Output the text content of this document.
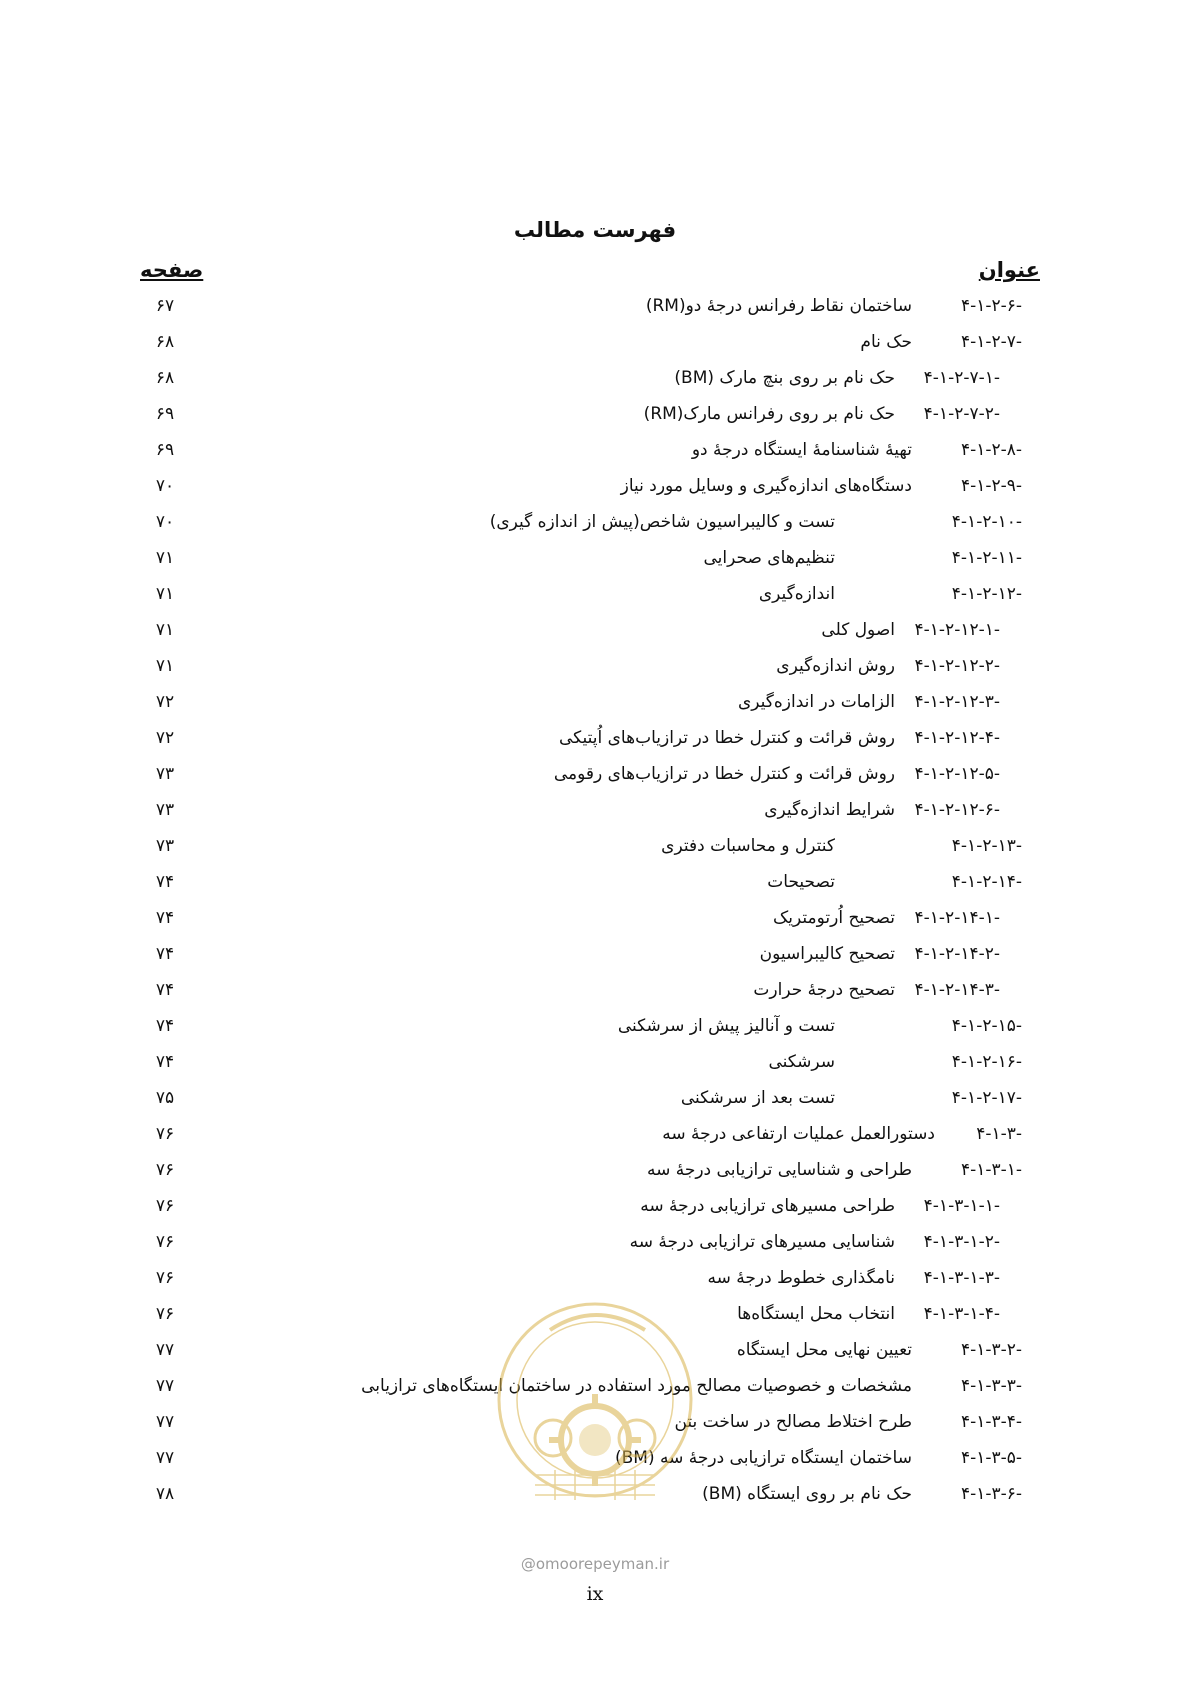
فهرست مطالب
عنوان
صفحه
۴-۱-۲-۶-
ساختمان نقاط رفرانس درجۀ دو(RM)
۶۷
۴-۱-۲-۷-
حک نام
۶۸
۴-۱-۲-۷-۱-
حک نام بر روی بنچ مارک (BM)
۶۸
۴-۱-۲-۷-۲-
حک نام بر روی رفرانس مارک(RM)
۶۹
۴-۱-۲-۸-
تهیۀ شناسنامۀ ایستگاه درجۀ دو
۶۹
۴-۱-۲-۹-
دستگاه‌های اندازه‌گیری و وسایل مورد نیاز
۷۰
۴-۱-۲-۱۰-
تست و کالیبراسیون شاخص(پیش از اندازه گیری)
۷۰
۴-۱-۲-۱۱-
تنظیم‌های صحرایی
۷۱
۴-۱-۲-۱۲-
اندازه‌گیری
۷۱
۴-۱-۲-۱۲-۱-
اصول کلی
۷۱
۴-۱-۲-۱۲-۲-
روش اندازه‌گیری
۷۱
۴-۱-۲-۱۲-۳-
الزامات در اندازه‌گیری
۷۲
۴-۱-۲-۱۲-۴-
روش قرائت و کنترل خطا در ترازیاب‌های اُپتیکی
۷۲
۴-۱-۲-۱۲-۵-
روش قرائت و کنترل خطا در ترازیاب‌های رقومی
۷۳
۴-۱-۲-۱۲-۶-
شرایط اندازه‌گیری
۷۳
۴-۱-۲-۱۳-
کنترل و محاسبات دفتری
۷۳
۴-۱-۲-۱۴-
تصحیحات
۷۴
۴-۱-۲-۱۴-۱-
تصحیح اُرتومتریک
۷۴
۴-۱-۲-۱۴-۲-
تصحیح کالیبراسیون
۷۴
۴-۱-۲-۱۴-۳-
تصحیح درجۀ حرارت
۷۴
۴-۱-۲-۱۵-
تست و آنالیز پیش از سرشکنی
۷۴
۴-۱-۲-۱۶-
سرشکنی
۷۴
۴-۱-۲-۱۷-
تست بعد از سرشکنی
۷۵
۴-۱-۳-
دستورالعمل عملیات ارتفاعی درجۀ سه
۷۶
۴-۱-۳-۱-
طراحی و شناسایی ترازیابی درجۀ سه
۷۶
۴-۱-۳-۱-۱-
طراحی مسیرهای ترازیابی درجۀ سه
۷۶
۴-۱-۳-۱-۲-
شناسایی مسیرهای ترازیابی درجۀ سه
۷۶
۴-۱-۳-۱-۳-
نامگذاری خطوط درجۀ سه
۷۶
۴-۱-۳-۱-۴-
انتخاب محل ایستگاه‌ها
۷۶
۴-۱-۳-۲-
تعیین نهایی محل ایستگاه
۷۷
۴-۱-۳-۳-
مشخصات و خصوصیات مصالح مورد استفاده در ساختمان ایستگاه‌های ترازیابی
۷۷
۴-۱-۳-۴-
طرح اختلاط مصالح در ساخت بتن
۷۷
۴-۱-۳-۵-
ساختمان ایستگاه ترازیابی درجۀ سه (BM)
۷۷
۴-۱-۳-۶-
حک نام بر روی ایستگاه (BM)
۷۸
@omoorepeyman.ir
ix
